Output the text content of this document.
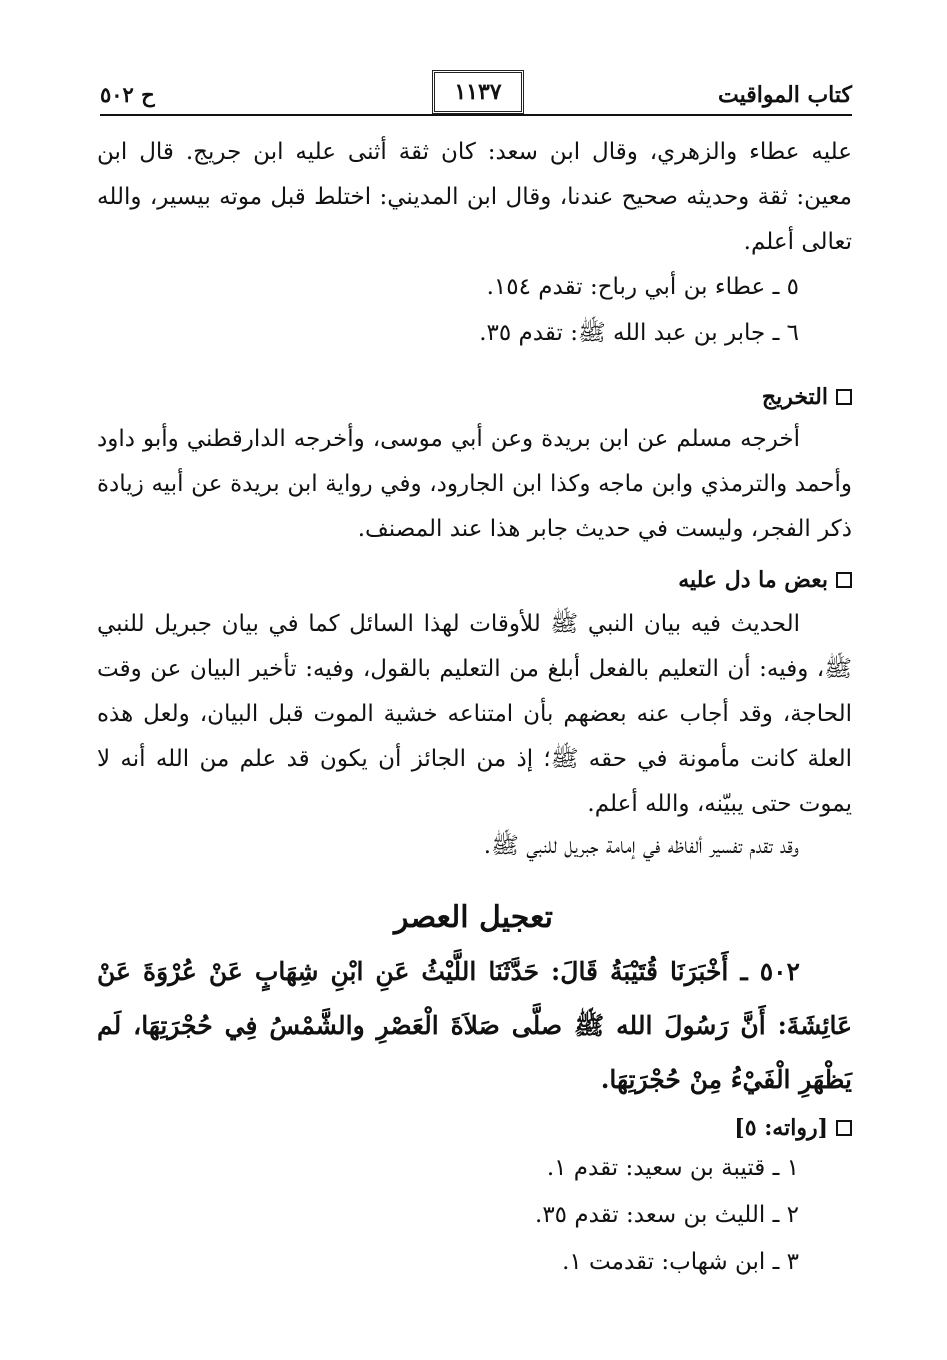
كتاب المواقيت
١١٣٧
ح ٥٠٢
عليه عطاء والزهري، وقال ابن سعد: كان ثقة أثنى عليه ابن جريج. قال ابن معين: ثقة وحديثه صحيح عندنا، وقال ابن المديني: اختلط قبل موته بيسير، والله تعالى أعلم.
٥ ـ عطاء بن أبي رباح: تقدم ١٥٤.
٦ ـ جابر بن عبد الله ﷺ: تقدم ٣٥.
التخريج
أخرجه مسلم عن ابن بريدة وعن أبي موسى، وأخرجه الدارقطني وأبو داود وأحمد والترمذي وابن ماجه وكذا ابن الجارود، وفي رواية ابن بريدة عن أبيه زيادة ذكر الفجر، وليست في حديث جابر هذا عند المصنف.
بعض ما دل عليه
الحديث فيه بيان النبي ﷺ للأوقات لهذا السائل كما في بيان جبريل للنبي ﷺ، وفيه: أن التعليم بالفعل أبلغ من التعليم بالقول، وفيه: تأخير البيان عن وقت الحاجة، وقد أجاب عنه بعضهم بأن امتناعه خشية الموت قبل البيان، ولعل هذه العلة كانت مأمونة في حقه ﷺ؛ إذ من الجائز أن يكون قد علم من الله أنه لا يموت حتى يبيّنه، والله أعلم.
وقد تقدم تفسير ألفاظه في إمامة جبريل للنبي ﷺ.
تعجيل العصر
٥٠٢ ـ أَخْبَرَنَا قُتَيْبَةُ قَالَ: حَدَّثَنَا اللَّيْثُ عَنِ ابْنِ شِهَابٍ عَنْ عُرْوَةَ عَنْ عَائِشَةَ: أَنَّ رَسُولَ الله ﷺ صلَّى صَلاَةَ الْعَصْرِ والشَّمْسُ فِي حُجْرَتِهَا، لَم يَظْهَرِ الْفَيْءُ مِنْ حُجْرَتِهَا.
[رواته: ٥]
١ ـ قتيبة بن سعيد: تقدم ١.
٢ ـ الليث بن سعد: تقدم ٣٥.
٣ ـ ابن شهاب: تقدمت ١.
